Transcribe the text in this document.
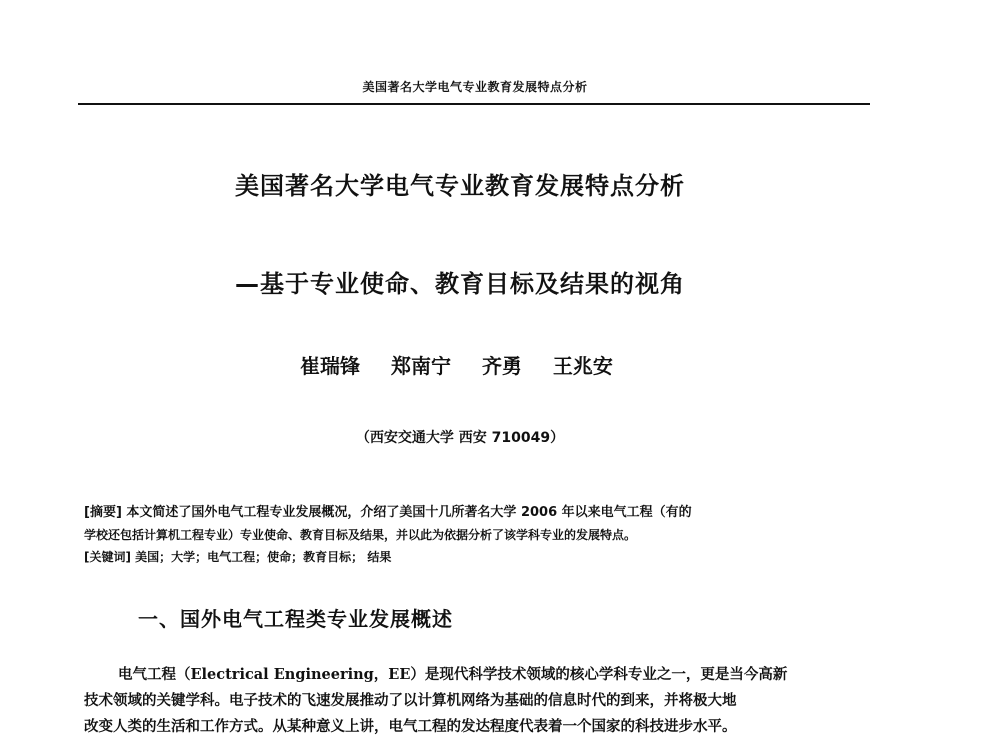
美国著名大学电气专业教育发展特点分析
美国著名大学电气专业教育发展特点分析
—基于专业使命、教育目标及结果的视角
崔瑞锋 郑南宁 齐勇 王兆安
（西安交通大学 西安 710049）
[摘要] 本文简述了国外电气工程专业发展概况，介绍了美国十几所著名大学 2006 年以来电气工程（有的
学校还包括计算机工程专业）专业使命、教育目标及结果，并以此为依据分析了该学科专业的发展特点。
[关键词] 美国；大学；电气工程；使命；教育目标； 结果
一、国外电气工程类专业发展概述
电气工程（Electrical Engineering，EE）是现代科学技术领域的核心学科专业之一，更是当今高新
技术领域的关键学科。电子技术的飞速发展推动了以计算机网络为基础的信息时代的到来，并将极大地
改变人类的生活和工作方式。从某种意义上讲，电气工程的发达程度代表着一个国家的科技进步水平。
